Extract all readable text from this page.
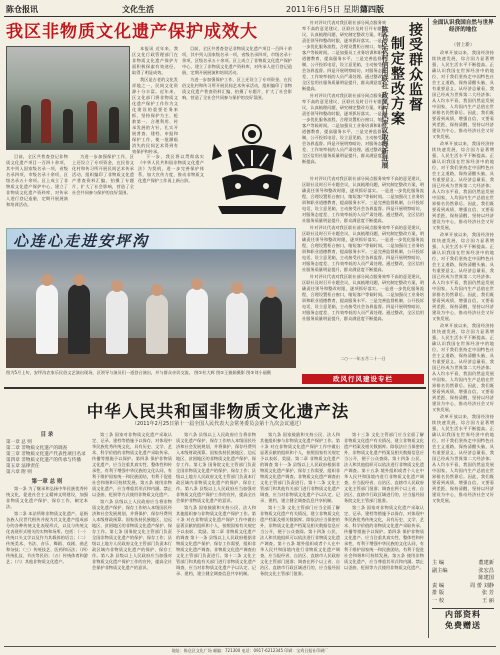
陈仓报讯	文化生活	2011年6月5日 星期日
第四版
我区非物质文化遗产保护成效大

本报讯 近年来，我区文化行政管理部门在非物质文化遗产保护方面积极探索有效途径，取得了明显成效。

我区是古老的文化发祥地之一，民间文化资源十分丰富。近年来，区文化部门将非物质文化遗产保护工作作为文化建设的重要任务来抓，坚持保护为主、抢救第一、合理利用、传承发展的方针，扎实开展普查、建档、申报和保护工作，使一批濒临消失的民间艺术得到有效保护和传承。

目前，全区共普查登记非物质文化遗产项目一百四十余项，其中列入国家级名录一项，省级名录四项，市级名录十余项，区级名录五十余项。区上成立了非物质文化遗产保护中心，建立了非物质文化遗产资料库，对传承人进行登记造册，定期开展展演和培训活动。

为进一步加强保护工作，区上还设立了专项资金，在民俗文化村和传习所开展民间艺术传承活动，组织编印了非物质文化遗产普查资料汇编，拍摄了专题片，扩大了社会影响，营造了全社会共同参与保护的良好氛围。

下一步，我区将以贯彻落实《中华人民共和国非物质文化遗产法》为契机，进一步完善保护体系，加大宣传力度，推动非物质文化遗产保护工作再上新台阶。

目前，全区共普查登记非物质文化遗产项目一百四十余项，其中列入国家级名录一项，省级名录四项，市级名录十余项，区级名录五十余项。区上成立了非物质文化遗产保护中心，建立了非物质文化遗产资料库，对传承人进行登记造册，定期开展展演和培训活动。

为进一步加强保护工作，区上还设立了专项资金，在民俗文化村和传习所开展民间艺术传承活动，组织编印了非物质文化遗产普查资料汇编，拍摄了专题片，扩大了社会影响，营造了全社会共同参与保护的良好氛围。

心连心走进安坪沟
图为5月上旬，安坪沟农家乐民俗文艺演出现场，区领导与演员们一道登台演出，并与群众亲切交流。 图①杜大辉 图②王雅娟摄影 图③刘小丽摄

针对评议代表对我区联社部分网点服务效率不高的意见建议，区联社及时召开专题会议，认真梳理问题，研究制定整改方案，明确责任领导和整改时限，逐项抓好落实。一是进一步优化服务流程，合理设置柜台窗口，缩短客户等候时间。二是加强员工业务培训和职业道德教育，提高服务水平。三是完善监督机制，公开投诉电话，设立意见箱，主动接受社会各界监督。四是开展明察暗访，对服务态度差、工作效率低的人员严肃处理。通过整改，全区信用社服务质量明显提升，群众满意度不断提高。

针对评议代表对我区联社部分网点服务效率不高的意见建议，区联社及时召开专题会议，认真梳理问题，研究制定整改方案，明确责任领导和整改时限，逐项抓好落实。一是进一步优化服务流程，合理设置柜台窗口，缩短客户等候时间。二是加强员工业务培训和职业道德教育，提高服务水平。三是完善监督机制，公开投诉电话，设立意见箱，主动接受社会各界监督。四是开展明察暗访，对服务态度差、工作效率低的人员严肃处理。通过整改，全区信用社服务质量明显提升，群众满意度不断提高。

针对评议代表对我区联社部分网点服务效率不高的意见建议，区联社及时召开专题会议，认真梳理问题，研究制定整改方案，明确责任领导和整改时限，逐项抓好落实。一是进一步优化服务流程，合理设置柜台窗口，缩短客户等候时间。二是加强员工业务培训和职业道德教育，提高服务水平。三是完善监督机制，公开投诉电话，设立意见箱，主动接受社会各界监督。四是开展明察暗访，对服务态度差、工作效率低的人员严肃处理。通过整改，全区信用社服务质量明显提升，群众满意度不断提高。

针对评议代表对我区联社部分网点服务效率不高的意见建议，区联社及时召开专题会议，认真梳理问题，研究制定整改方案，明确责任领导和整改时限，逐项抓好落实。一是进一步优化服务流程，合理设置柜台窗口，缩短客户等候时间。二是加强员工业务培训和职业道德教育，提高服务水平。三是完善监督机制，公开投诉电话，设立意见箱，主动接受社会各界监督。四是开展明察暗访，对服务态度差、工作效率低的人员严肃处理。通过整改，全区信用社服务质量明显提升，群众满意度不断提高。

针对评议代表对我区联社部分网点服务效率不高的意见建议，区联社及时召开专题会议，认真梳理问题，研究制定整改方案，明确责任领导和整改时限，逐项抓好落实。一是进一步优化服务流程，合理设置柜台窗口，缩短客户等候时间。二是加强员工业务培训和职业道德教育，提高服务水平。三是完善监督机制，公开投诉电话，设立意见箱，主动接受社会各界监督。四是开展明察暗访，对服务态度差、工作效率低的人员严肃处理。通过整改，全区信用社服务质量明显提升，群众满意度不断提高。

接受群众监督
制定整改方案
陈仓区农村信用联社 政风行风评议取得新进展
二○一一年五月二十一日
政风行风建设专栏
全面认识我国自然与世界经济的地位
（曾上新）

改革开放以来，我国经济持续快速发展，综合国力显著增强，人民生活水平不断提高。正确认识我国在世界经济中的地位，对于我们坚持走中国特色社会主义道路，保持清醒头脑，具有重要意义。从经济总量看，我国已经成为世界第二大经济体；从人均水平看，我国仍然是发展中国家，人均国内生产总值在世界排名仍然靠后。因此，我们既要看到成绩，增强自信，又要看到差距，保持清醒，坚持以经济建设为中心，推动经济社会又好又快发展。

改革开放以来，我国经济持续快速发展，综合国力显著增强，人民生活水平不断提高。正确认识我国在世界经济中的地位，对于我们坚持走中国特色社会主义道路，保持清醒头脑，具有重要意义。从经济总量看，我国已经成为世界第二大经济体；从人均水平看，我国仍然是发展中国家，人均国内生产总值在世界排名仍然靠后。因此，我们既要看到成绩，增强自信，又要看到差距，保持清醒，坚持以经济建设为中心，推动经济社会又好又快发展。

改革开放以来，我国经济持续快速发展，综合国力显著增强，人民生活水平不断提高。正确认识我国在世界经济中的地位，对于我们坚持走中国特色社会主义道路，保持清醒头脑，具有重要意义。从经济总量看，我国已经成为世界第二大经济体；从人均水平看，我国仍然是发展中国家，人均国内生产总值在世界排名仍然靠后。因此，我们既要看到成绩，增强自信，又要看到差距，保持清醒，坚持以经济建设为中心，推动经济社会又好又快发展。

改革开放以来，我国经济持续快速发展，综合国力显著增强，人民生活水平不断提高。正确认识我国在世界经济中的地位，对于我们坚持走中国特色社会主义道路，保持清醒头脑，具有重要意义。从经济总量看，我国已经成为世界第二大经济体；从人均水平看，我国仍然是发展中国家，人均国内生产总值在世界排名仍然靠后。因此，我们既要看到成绩，增强自信，又要看到差距，保持清醒，坚持以经济建设为中心，推动经济社会又好又快发展。

改革开放以来，我国经济持续快速发展，综合国力显著增强，人民生活水平不断提高。正确认识我国在世界经济中的地位，对于我们坚持走中国特色社会主义道路，保持清醒头脑，具有重要意义。从经济总量看，我国已经成为世界第二大经济体；从人均水平看，我国仍然是发展中国家，人均国内生产总值在世界排名仍然靠后。因此，我们既要看到成绩，增强自信，又要看到差距，保持清醒，坚持以经济建设为中心，推动经济社会又好又快发展。

主 编	董建新
副主编	张宏昌
陈建国
责 编	周 蕾 刘静
排 版	张 芳
一 校	王 丽
内部资料
免费赠送
中华人民共和国非物质文化遗产法
（2011年2月25日第十一届全国人民代表大会常务委员会第十九次会议通过）
目 录
第一章 总 则
第二章 非物质文化遗产的调查
第三章 非物质文化遗产代表性项目名录
第四章 非物质文化遗产的传承与传播
第五章 法律责任
第六章 附 则
第一章 总 则

第一条 为了继承和弘扬中华民族优秀传统文化，促进社会主义精神文明建设，加强非物质文化遗产保护、保存工作，制定本法。

第二条 本法所称非物质文化遗产，是指各族人民世代相传并视为其文化遗产组成部分的各种传统文化表现形式，以及与传统文化表现形式相关的实物和场所。包括：（一）传统口头文学以及作为其载体的语言；（二）传统美术、书法、音乐、舞蹈、戏剧、曲艺和杂技；（三）传统技艺、医药和历法；（四）传统礼仪、节庆等民俗；（五）传统体育和游艺；（六）其他非物质文化遗产。

第三条 国家对非物质文化遗产采取认定、记录、建档等措施予以保存，对体现中华民族优秀传统文化，具有历史、文学、艺术、科学价值的非物质文化遗产采取传承、传播等措施予以保护。第四条 保护非物质文化遗产，应当注重其真实性、整体性和传承性，有利于增强中华民族的文化认同，有利于维护国家统一和民族团结，有利于促进社会和谐和可持续发展。第五条 使用非物质文化遗产，应当尊重其形式和内涵。禁止以歪曲、贬损等方式使用非物质文化遗产。

第六条 县级以上人民政府应当将非物质文化遗产保护、保存工作纳入本级国民经济和社会发展规划，并将保护、保存经费列入本级财政预算。国家扶持民族地区、边远地区、贫困地区的非物质文化遗产保护、保存工作。第七条 国务院文化主管部门负责全国非物质文化遗产的保护、保存工作；县级以上地方人民政府文化主管部门负责本行政区域内非物质文化遗产的保护、保存工作。第八条 县级以上人民政府应当加强对非物质文化遗产保护工作的宣传，提高全社会保护非物质文化遗产的意识。

第六条 县级以上人民政府应当将非物质文化遗产保护、保存工作纳入本级国民经济和社会发展规划，并将保护、保存经费列入本级财政预算。国家扶持民族地区、边远地区、贫困地区的非物质文化遗产保护、保存工作。第七条 国务院文化主管部门负责全国非物质文化遗产的保护、保存工作；县级以上地方人民政府文化主管部门负责本行政区域内非物质文化遗产的保护、保存工作。第八条 县级以上人民政府应当加强对非物质文化遗产保护工作的宣传，提高全社会保护非物质文化遗产的意识。

第九条 国家鼓励和支持公民、法人和其他组织参与非物质文化遗产保护工作。第十条 对在非物质文化遗产保护工作中做出显著贡献的组织和个人，按照国家有关规定予以表彰、奖励。第二章 非物质文化遗产的调查 第十一条 县级以上人民政府根据非物质文化遗产保护、保存工作需要，组织非物质文化遗产调查。非物质文化遗产调查由文化主管部门负责进行。第十二条 文化主管部门和其他有关部门进行非物质文化遗产调查，应当对非物质文化遗产予以认定、记录、建档，建立健全调查信息共享机制。

第九条 国家鼓励和支持公民、法人和其他组织参与非物质文化遗产保护工作。第十条 对在非物质文化遗产保护工作中做出显著贡献的组织和个人，按照国家有关规定予以表彰、奖励。第二章 非物质文化遗产的调查 第十一条 县级以上人民政府根据非物质文化遗产保护、保存工作需要，组织非物质文化遗产调查。非物质文化遗产调查由文化主管部门负责进行。第十二条 文化主管部门和其他有关部门进行非物质文化遗产调查，应当对非物质文化遗产予以认定、记录、建档，建立健全调查信息共享机制。

第十三条 文化主管部门应当全面了解非物质文化遗产有关情况，建立非物质文化遗产档案及相关数据库。除依法应当保密的外，非物质文化遗产档案及相关数据信息应当公开，便于公众查阅。第十四条 公民、法人和其他组织可以依法进行非物质文化遗产调查。第十五条 境外组织或者个人在中华人民共和国境内进行非物质文化遗产调查，应当报经省、自治区、直辖市人民政府文化主管部门批准；调查在两个以上省、自治区、直辖市行政区域进行的，应当报经国务院文化主管部门批准。

第十三条 文化主管部门应当全面了解非物质文化遗产有关情况，建立非物质文化遗产档案及相关数据库。除依法应当保密的外，非物质文化遗产档案及相关数据信息应当公开，便于公众查阅。第十四条 公民、法人和其他组织可以依法进行非物质文化遗产调查。第十五条 境外组织或者个人在中华人民共和国境内进行非物质文化遗产调查，应当报经省、自治区、直辖市人民政府文化主管部门批准；调查在两个以上省、自治区、直辖市行政区域进行的，应当报经国务院文化主管部门批准。

第三条 国家对非物质文化遗产采取认定、记录、建档等措施予以保存，对体现中华民族优秀传统文化，具有历史、文学、艺术、科学价值的非物质文化遗产采取传承、传播等措施予以保护。第四条 保护非物质文化遗产，应当注重其真实性、整体性和传承性，有利于增强中华民族的文化认同，有利于维护国家统一和民族团结，有利于促进社会和谐和可持续发展。第五条 使用非物质文化遗产，应当尊重其形式和内涵。禁止以歪曲、贬损等方式使用非物质文化遗产。

地址：陈仓区文化广场 邮编：721300 电话：0917-6212345 印刷：宝鸡日报社印刷厂
